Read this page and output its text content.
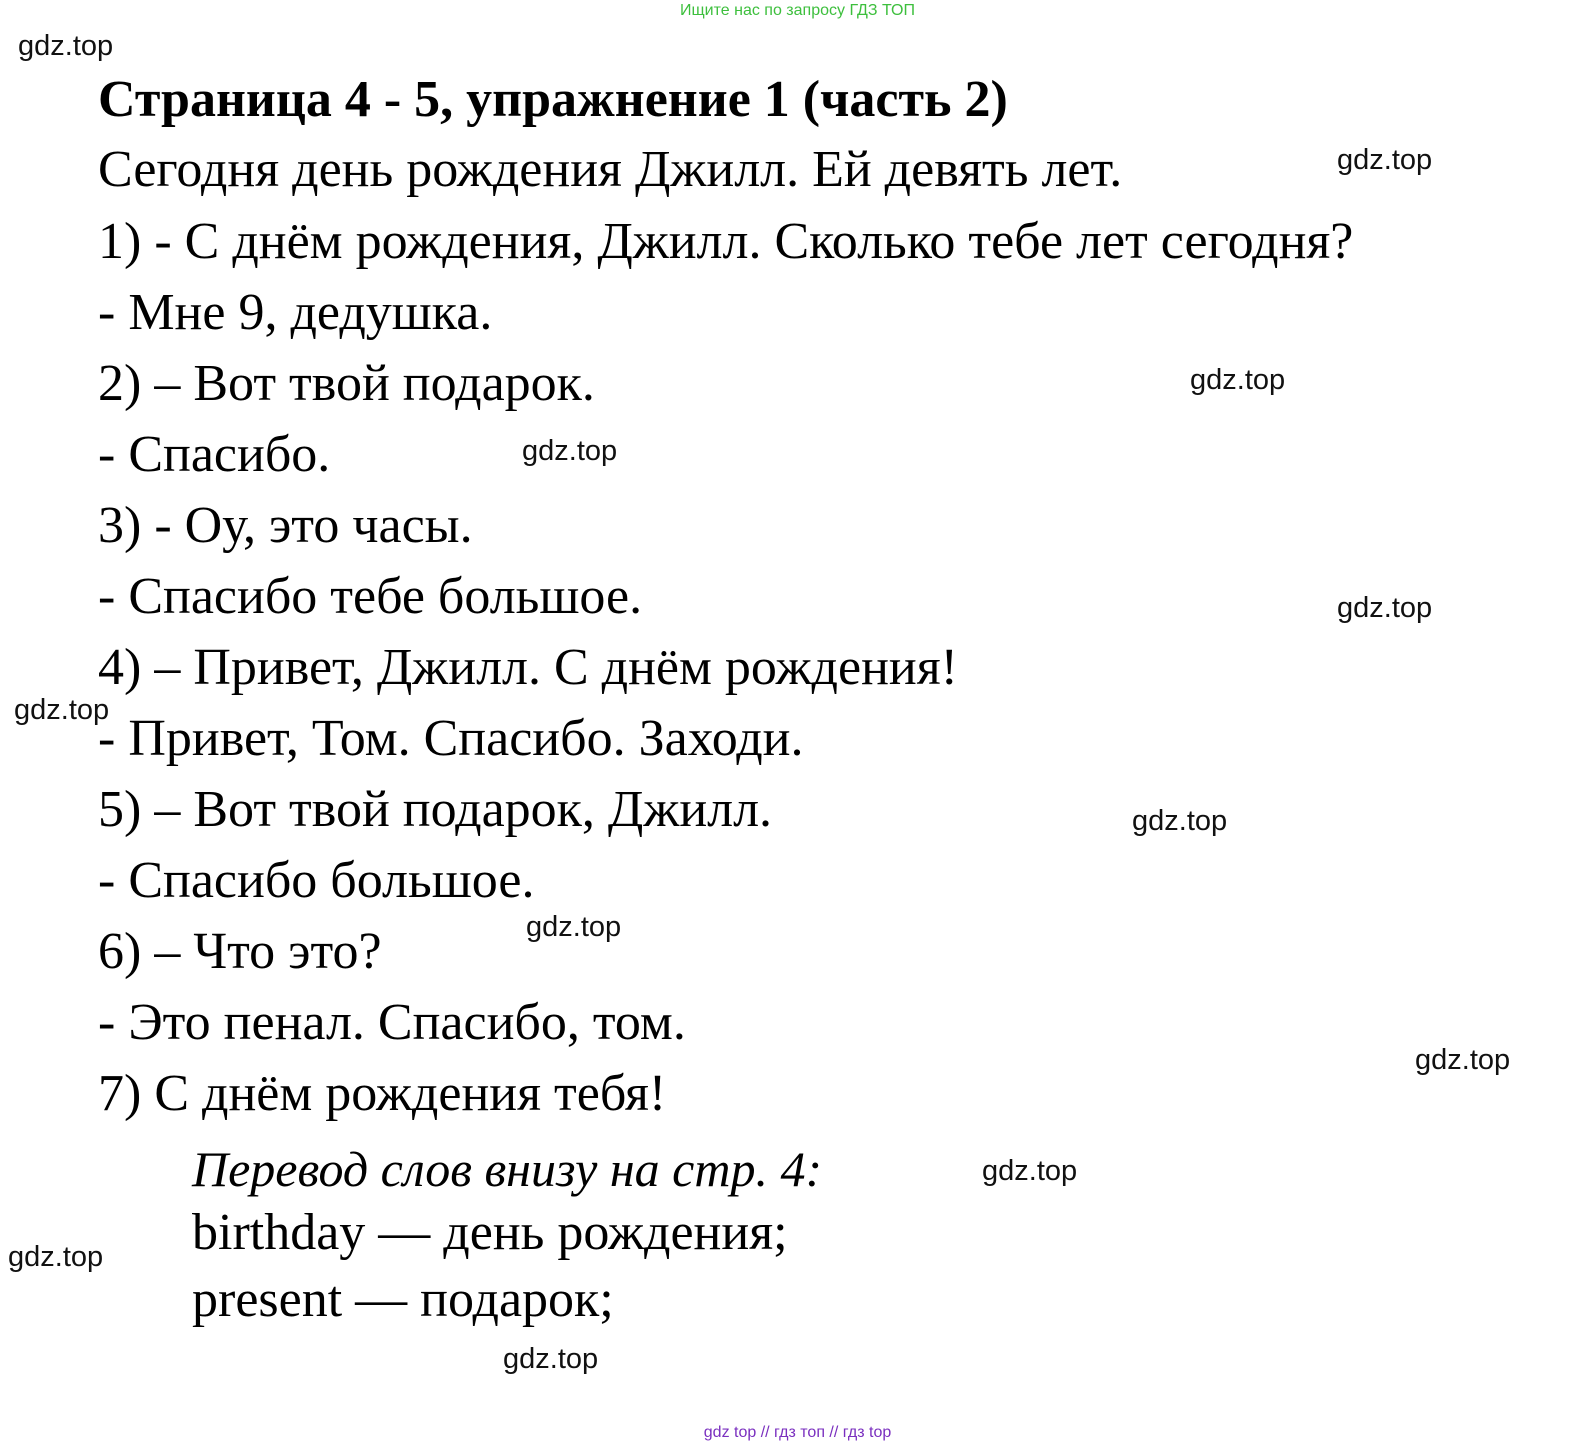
Ищите нас по запросу ГДЗ ТОП
Страница 4 - 5, упражнение 1 (часть 2)
Сегодня день рождения Джилл. Ей девять лет.
1) - С днём рождения, Джилл. Сколько тебе лет сегодня?
- Мне 9, дедушка.
2) – Вот твой подарок.
- Спасибо.
3) - Оу, это часы.
- Спасибо тебе большое.
4) – Привет, Джилл. С днём рождения!
- Привет, Том. Спасибо. Заходи.
5) – Вот твой подарок, Джилл.
- Спасибо большое.
6) – Что это?
- Это пенал. Спасибо, том.
7) С днём рождения тебя!
Перевод слов внизу на стр. 4:
birthday — день рождения;
present — подарок;
gdz.top
gdz.top
gdz.top
gdz.top
gdz.top
gdz.top
gdz.top
gdz.top
gdz.top
gdz.top
gdz.top
gdz.top
gdz top // гдз топ // гдз top
